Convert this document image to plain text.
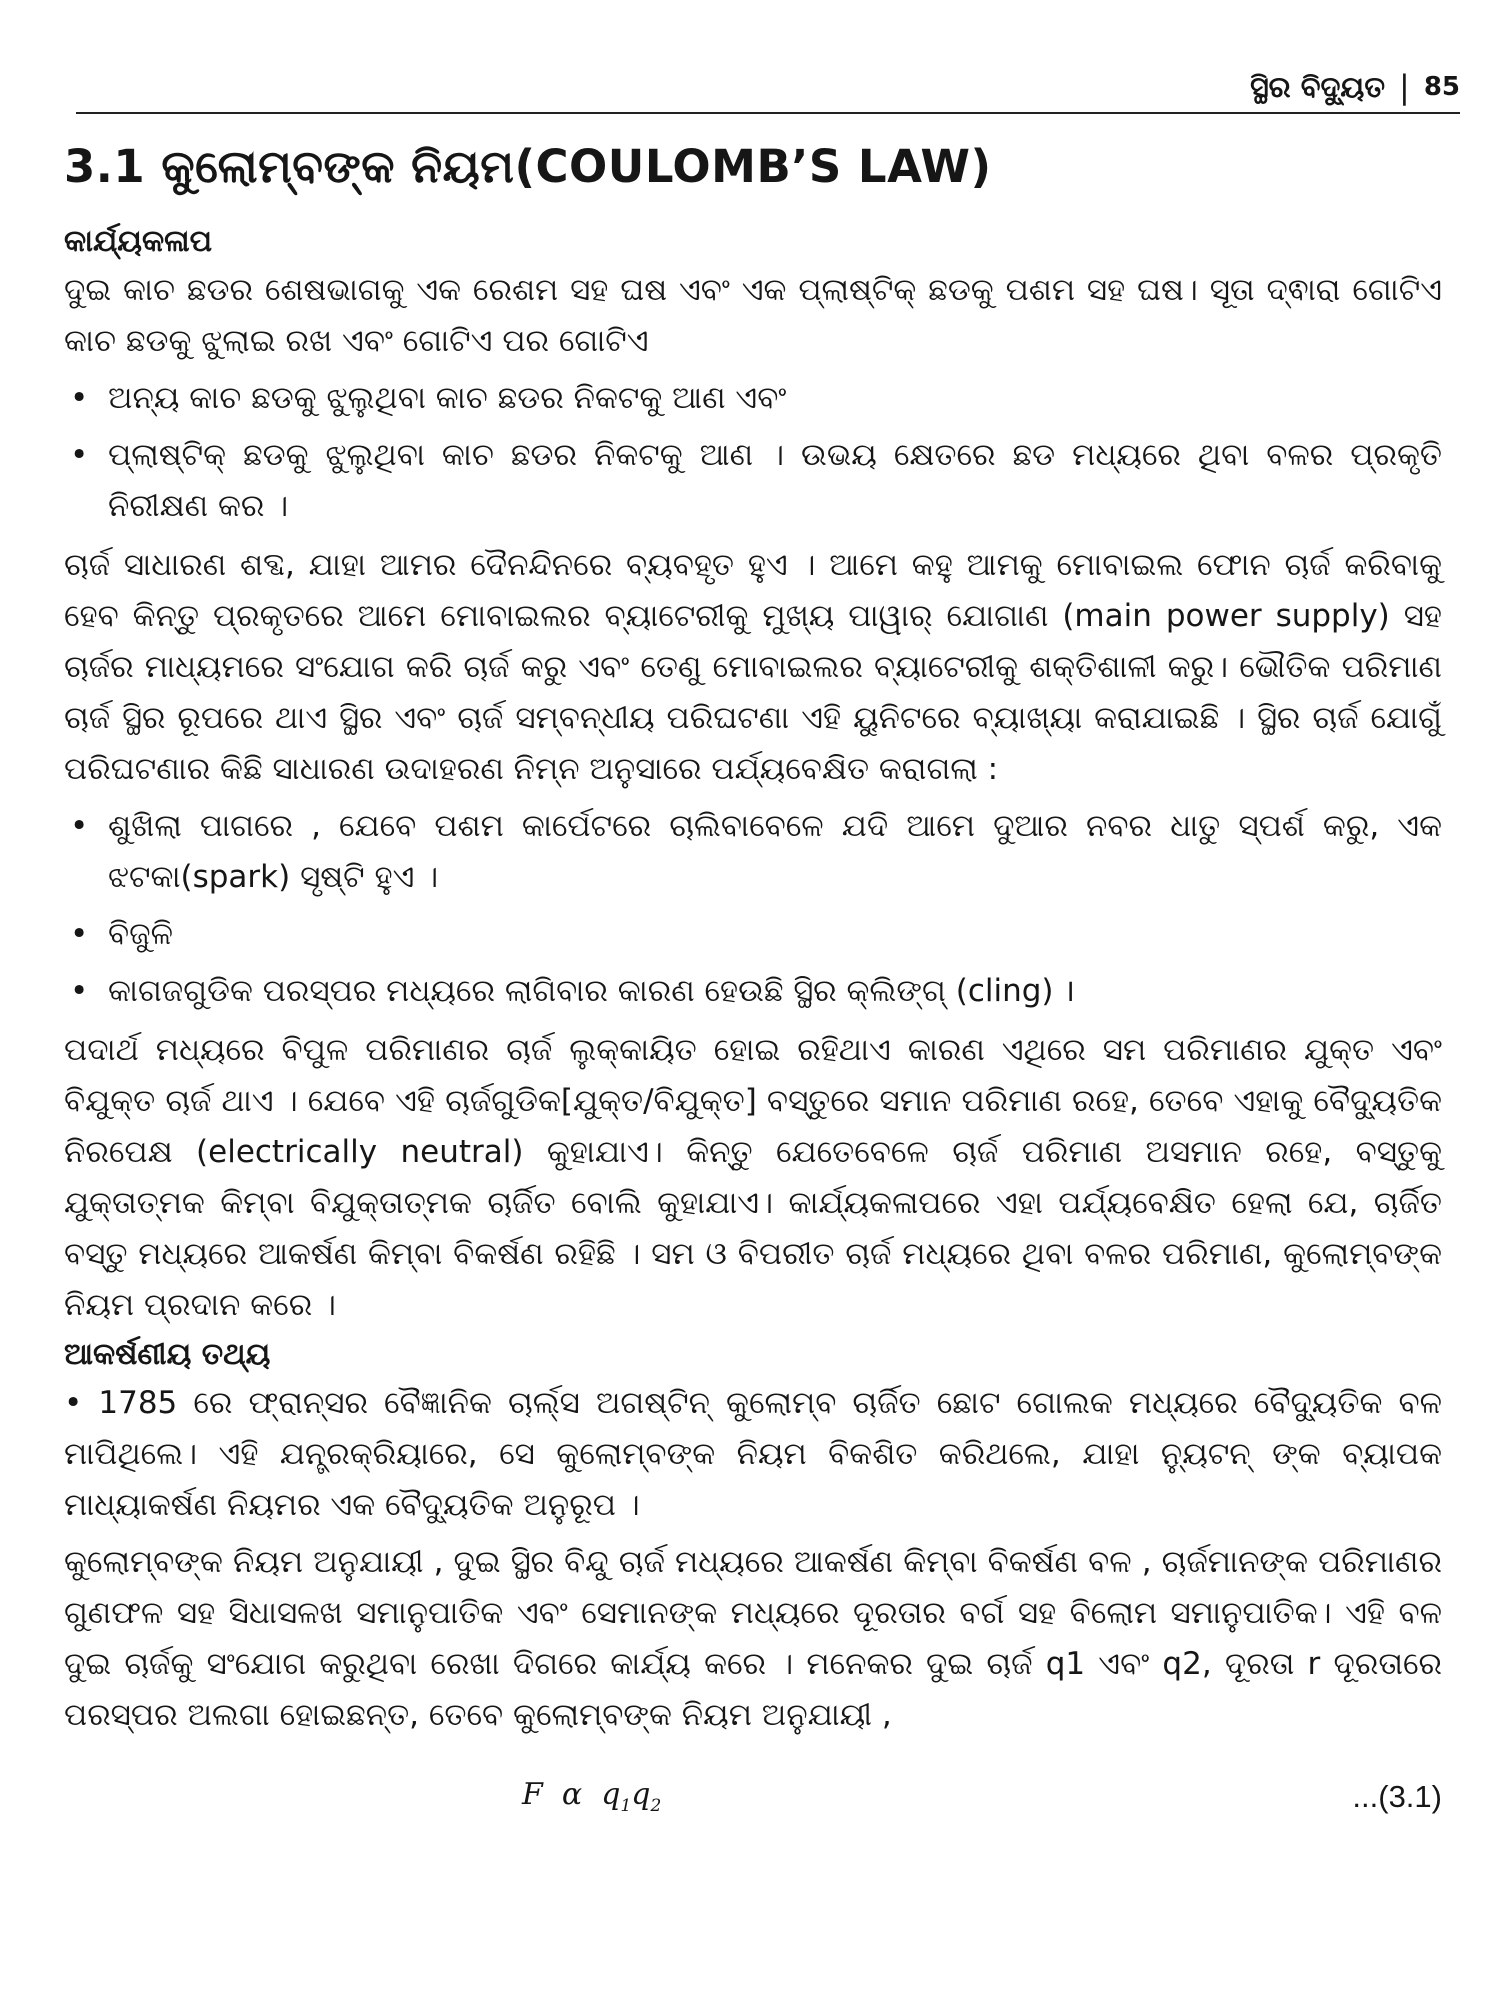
ସ୍ଥିର ବିଦ୍ୟୁତ | 85
3.1 କୁଲୋମ୍ବଙ୍କ ନିୟମ(COULOMB’S LAW)
କାର୍ଯ୍ୟକଳାପ

ଦୁଇ କାଚ ଛଡର ଶେଷଭାଗକୁ ଏକ ରେଶମ ସହ ଘଷ ଏବଂ ଏକ ପ୍ଲାଷ୍ଟିକ୍ ଛଡକୁ ପଶମ ସହ ଘଷ। ସୂତା ଦ୍ଵାରା ଗୋଟିଏ କାଚ ଛଡକୁ ଝୁଲାଇ ରଖ ଏବଂ ଗୋଟିଏ ପର ଗୋଟିଏ

• ଅନ୍ୟ କାଚ ଛଡକୁ ଝୁଲୁଥିବା କାଚ ଛଡର ନିକଟକୁ ଆଣ ଏବଂ
• ପ୍ଲାଷ୍ଟିକ୍ ଛଡକୁ ଝୁଲୁଥିବା କାଚ ଛଡର ନିକଟକୁ ଆଣ । ଉଭୟ କ୍ଷେତରେ ଛଡ ମଧ୍ୟରେ ଥିବା ବଳର ପ୍ରକୃତି ନିରୀକ୍ଷଣ କର ।

ଚାର୍ଜ ସାଧାରଣ ଶବ୍ଦ, ଯାହା ଆମର ଦୈନନ୍ଦିନରେ ବ୍ୟବହୃତ ହୁଏ । ଆମେ କହୁ ଆମକୁ ମୋବାଇଲ ଫୋନ ଚାର୍ଜ କରିବାକୁ ହେବ କିନ୍ତୁ ପ୍ରକୃତରେ ଆମେ ମୋବାଇଲର ବ୍ୟାଟେରୀକୁ ମୁଖ୍ୟ ପାୱାର୍ ଯୋଗାଣ (main power supply) ସହ ଚାର୍ଜର ମାଧ୍ୟମରେ ସଂଯୋଗ କରି ଚାର୍ଜ କରୁ ଏବଂ ତେଣୁ ମୋବାଇଲର ବ୍ୟାଟେରୀକୁ ଶକ୍ତିଶାଳୀ କରୁ। ଭୌତିକ ପରିମାଣ ଚାର୍ଜ ସ୍ଥିର ରୂପରେ ଥାଏ ସ୍ଥିର ଏବଂ ଚାର୍ଜ ସମ୍ବନ୍ଧୀୟ ପରିଘଟଣା ଏହି ୟୁନିଟରେ ବ୍ୟାଖ୍ୟା କରାଯାଇଛି । ସ୍ଥିର ଚାର୍ଜ ଯୋଗୁଁ ପରିଘଟଣାର କିଛି ସାଧାରଣ ଉଦାହରଣ ନିମ୍ନ ଅନୁସାରେ ପର୍ଯ୍ୟବେକ୍ଷିତ କରାଗଲା :

• ଶୁଖିଲା ପାଗରେ , ଯେବେ ପଶମ କାର୍ପେଟରେ ଚାଲିବାବେଳେ ଯଦି ଆମେ ଦୁଆର ନବର ଧାତୁ ସ୍ପର୍ଶ କରୁ, ଏକ ଝଟକା(spark) ସୃଷ୍ଟି ହୁଏ ।
• ବିଜୁଳି
• କାଗଜଗୁଡିକ ପରସ୍ପର ମଧ୍ୟରେ ଲାଗିବାର କାରଣ ହେଉଛି ସ୍ଥିର କ୍ଲିଙ୍ଗ୍ (cling) ।

ପଦାର୍ଥ ମଧ୍ୟରେ ବିପୁଳ ପରିମାଣର ଚାର୍ଜ ଲୁକ୍କାୟିତ ହୋଇ ରହିଥାଏ କାରଣ ଏଥିରେ ସମ ପରିମାଣର ଯୁକ୍ତ ଏବଂ ବିଯୁକ୍ତ ଚାର୍ଜ ଥାଏ । ଯେବେ ଏହି ଚାର୍ଜଗୁଡିକ[ଯୁକ୍ତ/ବିଯୁକ୍ତ] ବସ୍ତୁରେ ସମାନ ପରିମାଣ ରହେ, ତେବେ ଏହାକୁ ବୈଦ୍ୟୁତିକ ନିରପେକ୍ଷ (electrically neutral) କୁହାଯାଏ। କିନ୍ତୁ ଯେତେବେଳେ ଚାର୍ଜ ପରିମାଣ ଅସମାନ ରହେ, ବସ୍ତୁକୁ ଯୁକ୍ତାତ୍ମକ କିମ୍ବା ବିଯୁକ୍ତାତ୍ମକ ଚାର୍ଜିତ ବୋଲି କୁହାଯାଏ। କାର୍ଯ୍ୟକଳାପରେ ଏହା ପର୍ଯ୍ୟବେକ୍ଷିତ ହେଲା ଯେ, ଚାର୍ଜିତ ବସ୍ତୁ ମଧ୍ୟରେ ଆକର୍ଷଣ କିମ୍ବା ବିକର୍ଷଣ ରହିଛି । ସମ ଓ ବିପରୀତ ଚାର୍ଜ ମଧ୍ୟରେ ଥିବା ବଳର ପରିମାଣ, କୁଲୋମ୍ବଙ୍କ ନିୟମ ପ୍ରଦାନ କରେ ।

ଆକର୍ଷଣୀୟ ତଥ୍ୟ

• 1785 ରେ ଫ୍ରାନ୍ସର ବୈଜ୍ଞାନିକ ଚାର୍ଲ୍ସ ଅଗଷ୍ଟିନ୍ କୁଲୋମ୍ବ ଚାର୍ଜିତ ଛୋଟ ଗୋଲକ ମଧ୍ୟରେ ବୈଦ୍ୟୁତିକ ବଳ ମାପିଥିଲେ। ଏହି ଯନ୍ତ୍ରକ୍ରିୟାରେ, ସେ କୁଲୋମ୍ବଙ୍କ ନିୟମ ବିକଶିତ କରିଥଲେ, ଯାହା ନ୍ୟୁଟନ୍ ଙ୍କ ବ୍ୟାପକ ମାଧ୍ୟାକର୍ଷଣ ନିୟମର ଏକ ବୈଦ୍ୟୁତିକ ଅନୁରୂପ ।

କୁଲୋମ୍ବଙ୍କ ନିୟମ ଅନୁଯାୟୀ , ଦୁଇ ସ୍ଥିର ବିନ୍ଦୁ ଚାର୍ଜ ମଧ୍ୟରେ ଆକର୍ଷଣ କିମ୍ବା ବିକର୍ଷଣ ବଳ , ଚାର୍ଜମାନଙ୍କ ପରିମାଣର ଗୁଣଫଳ ସହ ସିଧାସଳଖ ସମାନୁପାତିକ ଏବଂ ସେମାନଙ୍କ ମଧ୍ୟରେ ଦୂରତାର ବର୍ଗ ସହ ବିଲୋମ ସମାନୁପାତିକ। ଏହି ବଳ ଦୁଇ ଚାର୍ଜକୁ ସଂଯୋଗ କରୁଥିବା ରେଖା ଦିଗରେ କାର୍ଯ୍ୟ କରେ । ମନେକର ଦୁଇ ଚାର୍ଜ q1 ଏବଂ q2, ଦୂରତା r ଦୂରତାରେ ପରସ୍ପର ଅଲଗା ହୋଇଛନ୍ତ, ତେବେ କୁଲୋମ୍ବଙ୍କ ନିୟମ ଅନୁଯାୟୀ ,

F α $q_1q_2$	...(3.1)
